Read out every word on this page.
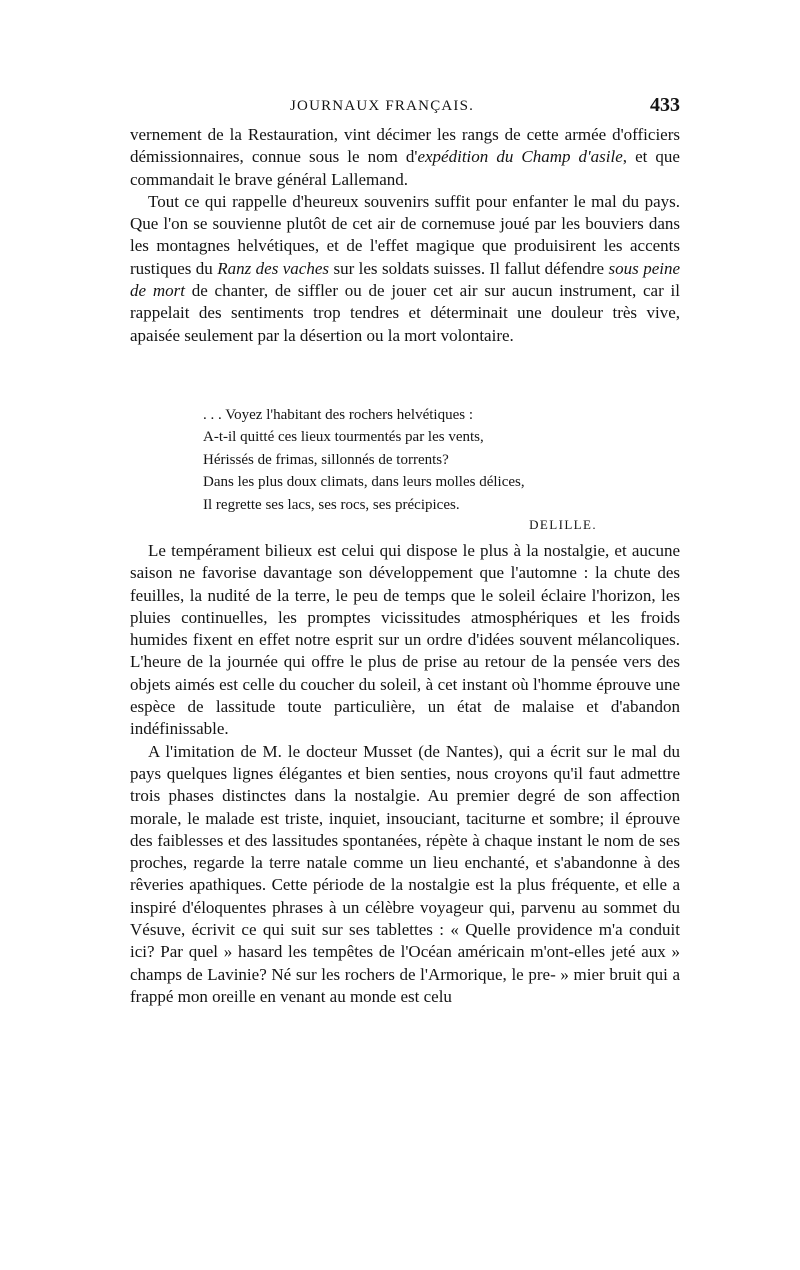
JOURNAUX FRANÇAIS.	433

vernement de la Restauration, vint décimer les rangs de cette armée d'officiers démissionnaires, connue sous le nom d'expédition du Champ d'asile, et que commandait le brave général Lallemand.

Tout ce qui rappelle d'heureux souvenirs suffit pour enfanter le mal du pays. Que l'on se souvienne plutôt de cet air de cornemuse joué par les bouviers dans les montagnes helvétiques, et de l'effet magique que produisirent les accents rustiques du Ranz des vaches sur les soldats suisses. Il fallut défendre sous peine de mort de chanter, de siffler ou de jouer cet air sur aucun instrument, car il rappelait des sentiments trop tendres et déterminait une douleur très vive, apaisée seulement par la désertion ou la mort volontaire.

. . . Voyez l'habitant des rochers helvétiques :
A-t-il quitté ces lieux tourmentés par les vents,
Hérissés de frimas, sillonnés de torrents?
Dans les plus doux climats, dans leurs molles délices,
Il regrette ses lacs, ses rocs, ses précipices.
DELILLE.

Le tempérament bilieux est celui qui dispose le plus à la nostalgie, et aucune saison ne favorise davantage son développement que l'automne : la chute des feuilles, la nudité de la terre, le peu de temps que le soleil éclaire l'horizon, les pluies continuelles, les promptes vicissitudes atmosphériques et les froids humides fixent en effet notre esprit sur un ordre d'idées souvent mélancoliques. L'heure de la journée qui offre le plus de prise au retour de la pensée vers des objets aimés est celle du coucher du soleil, à cet instant où l'homme éprouve une espèce de lassitude toute particulière, un état de malaise et d'abandon indéfinissable.

A l'imitation de M. le docteur Musset (de Nantes), qui a écrit sur le mal du pays quelques lignes élégantes et bien senties, nous croyons qu'il faut admettre trois phases distinctes dans la nostalgie. Au premier degré de son affection morale, le malade est triste, inquiet, insouciant, taciturne et sombre; il éprouve des faiblesses et des lassitudes spontanées, répète à chaque instant le nom de ses proches, regarde la terre natale comme un lieu enchanté, et s'abandonne à des rêveries apathiques. Cette période de la nostalgie est la plus fréquente, et elle a inspiré d'éloquentes phrases à un célèbre voyageur qui, parvenu au sommet du Vésuve, écrivit ce qui suit sur ses tablettes : « Quelle providence m'a conduit ici? Par quel » hasard les tempêtes de l'Océan américain m'ont-elles jeté aux » champs de Lavinie? Né sur les rochers de l'Armorique, le pre- » mier bruit qui a frappé mon oreille en venant au monde est celu
